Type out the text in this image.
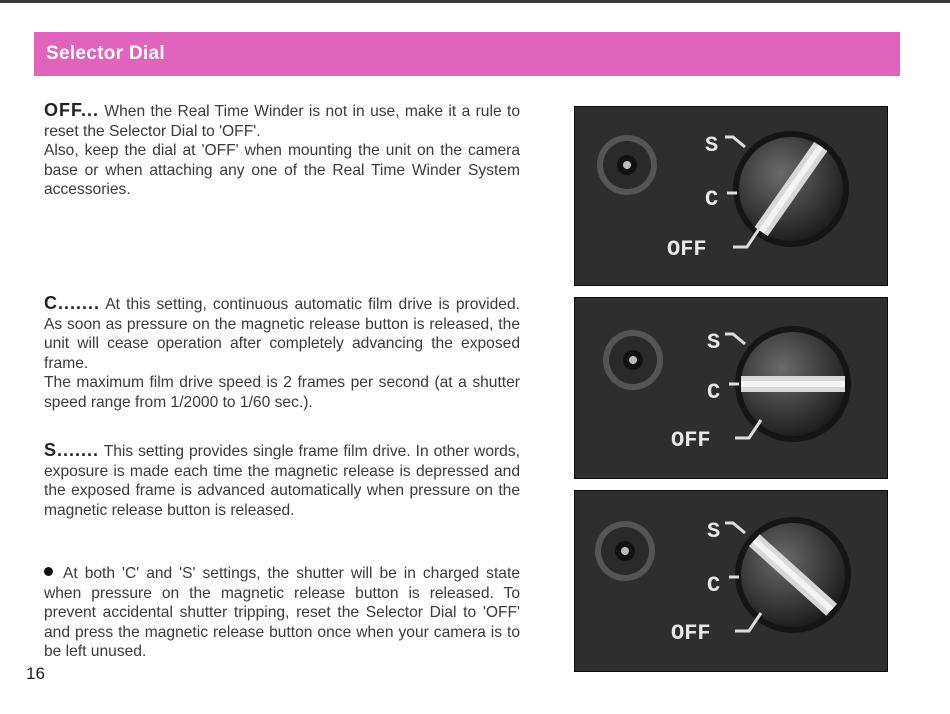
Selector Dial

OFF... When the Real Time Winder is not in use, make it a rule to reset the Selector Dial to 'OFF'.
Also, keep the dial at 'OFF' when mounting the unit on the camera base or when attaching any one of the Real Time Winder System accessories.

C....... At this setting, continuous automatic film drive is provided. As soon as pressure on the magnetic release button is released, the unit will cease operation after completely advancing the exposed frame.
The maximum film drive speed is 2 frames per second (at a shutter speed range from 1/2000 to 1/60 sec.).

S....... This setting provides single frame film drive. In other words, exposure is made each time the magnetic release is depressed and the exposed frame is advanced automatically when pressure on the magnetic release button is released.

At both 'C' and 'S' settings, the shutter will be in charged state when pressure on the magnetic release button is released. To prevent accidental shutter tripping, reset the Selector Dial to 'OFF' and press the magnetic release button once when your camera is to be left unused.

16
S
C
OFF
S
C
OFF
S
C
OFF
